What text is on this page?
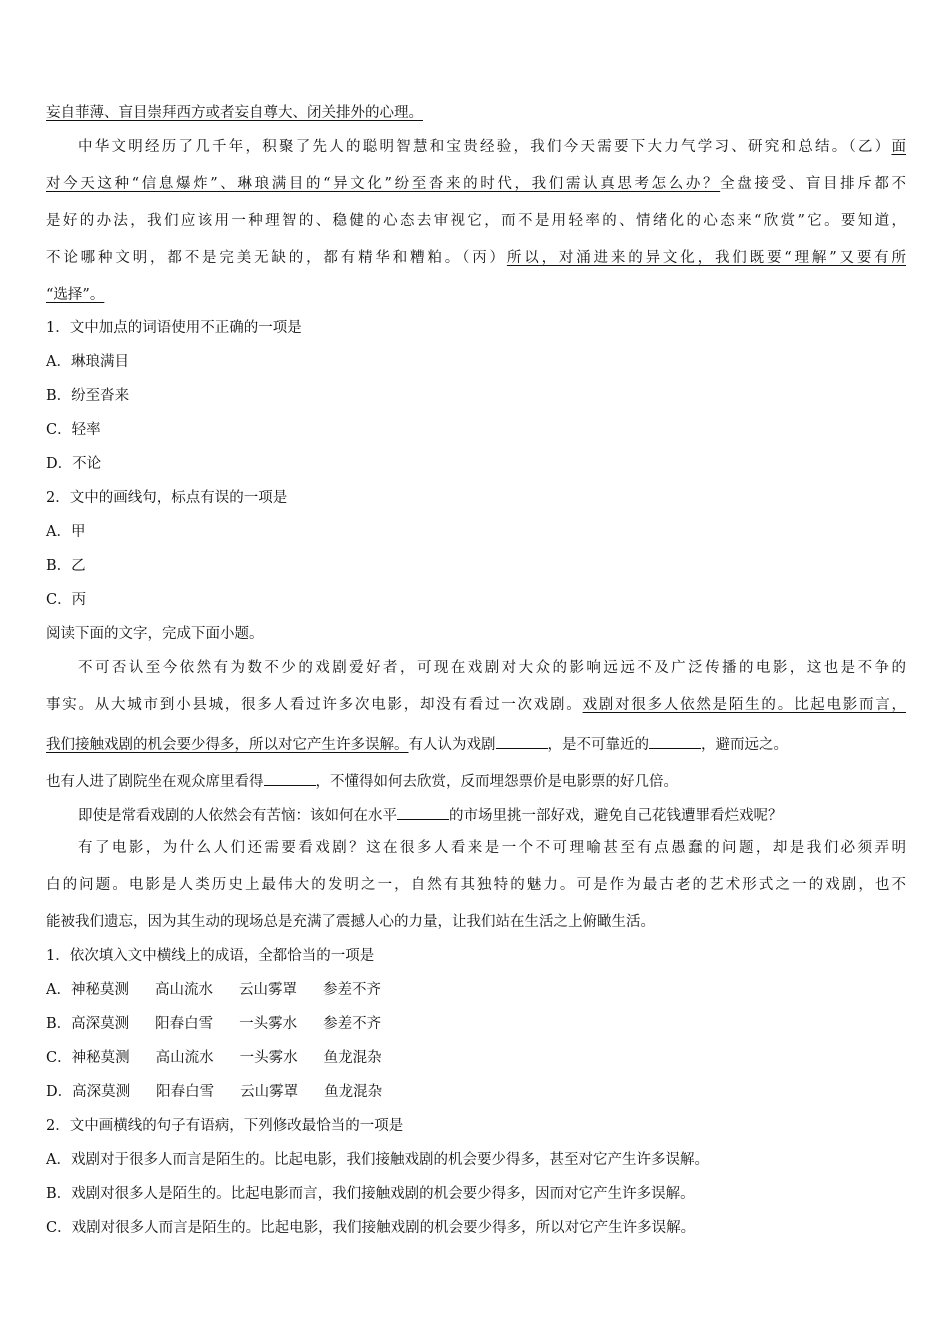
妄自菲薄、盲目崇拜西方或者妄自尊大、闭关排外的心理。
中华文明经历了几千年，积聚了先人的聪明智慧和宝贵经验，我们今天需要下大力气学习、研究和总结。（乙）面
对今天这种“信息爆炸”、琳琅满目的“异文化”纷至沓来的时代，我们需认真思考怎么办？全盘接受、盲目排斥都不
是好的办法，我们应该用一种理智的、稳健的心态去审视它，而不是用轻率的、情绪化的心态来“欣赏”它。要知道，
不论哪种文明，都不是完美无缺的，都有精华和糟粕。（丙）所以，对涌进来的异文化，我们既要“理解”又要有所
“选择”。
1．文中加点的词语使用不正确的一项是
A．琳琅满目
B．纷至沓来
C．轻率
D．不论
2．文中的画线句，标点有误的一项是
A．甲
B．乙
C．丙
阅读下面的文字，完成下面小题。
不可否认至今依然有为数不少的戏剧爱好者，可现在戏剧对大众的影响远远不及广泛传播的电影，这也是不争的
事实。从大城市到小县城，很多人看过许多次电影，却没有看过一次戏剧。戏剧对很多人依然是陌生的。比起电影而言，
我们接触戏剧的机会要少得多，所以对它产生许多误解。有人认为戏剧	，是不可靠近的	，避而远之。
也有人进了剧院坐在观众席里看得	，不懂得如何去欣赏，反而埋怨票价是电影票的好几倍。
即使是常看戏剧的人依然会有苦恼：该如何在水平	的市场里挑一部好戏，避免自己花钱遭罪看烂戏呢？
有了电影，为什么人们还需要看戏剧？这在很多人看来是一个不可理喻甚至有点愚蠢的问题，却是我们必须弄明
白的问题。电影是人类历史上最伟大的发明之一，自然有其独特的魅力。可是作为最古老的艺术形式之一的戏剧，也不
能被我们遗忘，因为其生动的现场总是充满了震撼人心的力量，让我们站在生活之上俯瞰生活。
1．依次填入文中横线上的成语，全都恰当的一项是
A．神秘莫测 高山流水 云山雾罩 参差不齐
B．高深莫测 阳春白雪 一头雾水 参差不齐
C．神秘莫测 高山流水 一头雾水 鱼龙混杂
D．高深莫测 阳春白雪 云山雾罩 鱼龙混杂
2．文中画横线的句子有语病，下列修改最恰当的一项是
A．戏剧对于很多人而言是陌生的。比起电影，我们接触戏剧的机会要少得多，甚至对它产生许多误解。
B．戏剧对很多人是陌生的。比起电影而言，我们接触戏剧的机会要少得多，因而对它产生许多误解。
C．戏剧对很多人而言是陌生的。比起电影，我们接触戏剧的机会要少得多，所以对它产生许多误解。
